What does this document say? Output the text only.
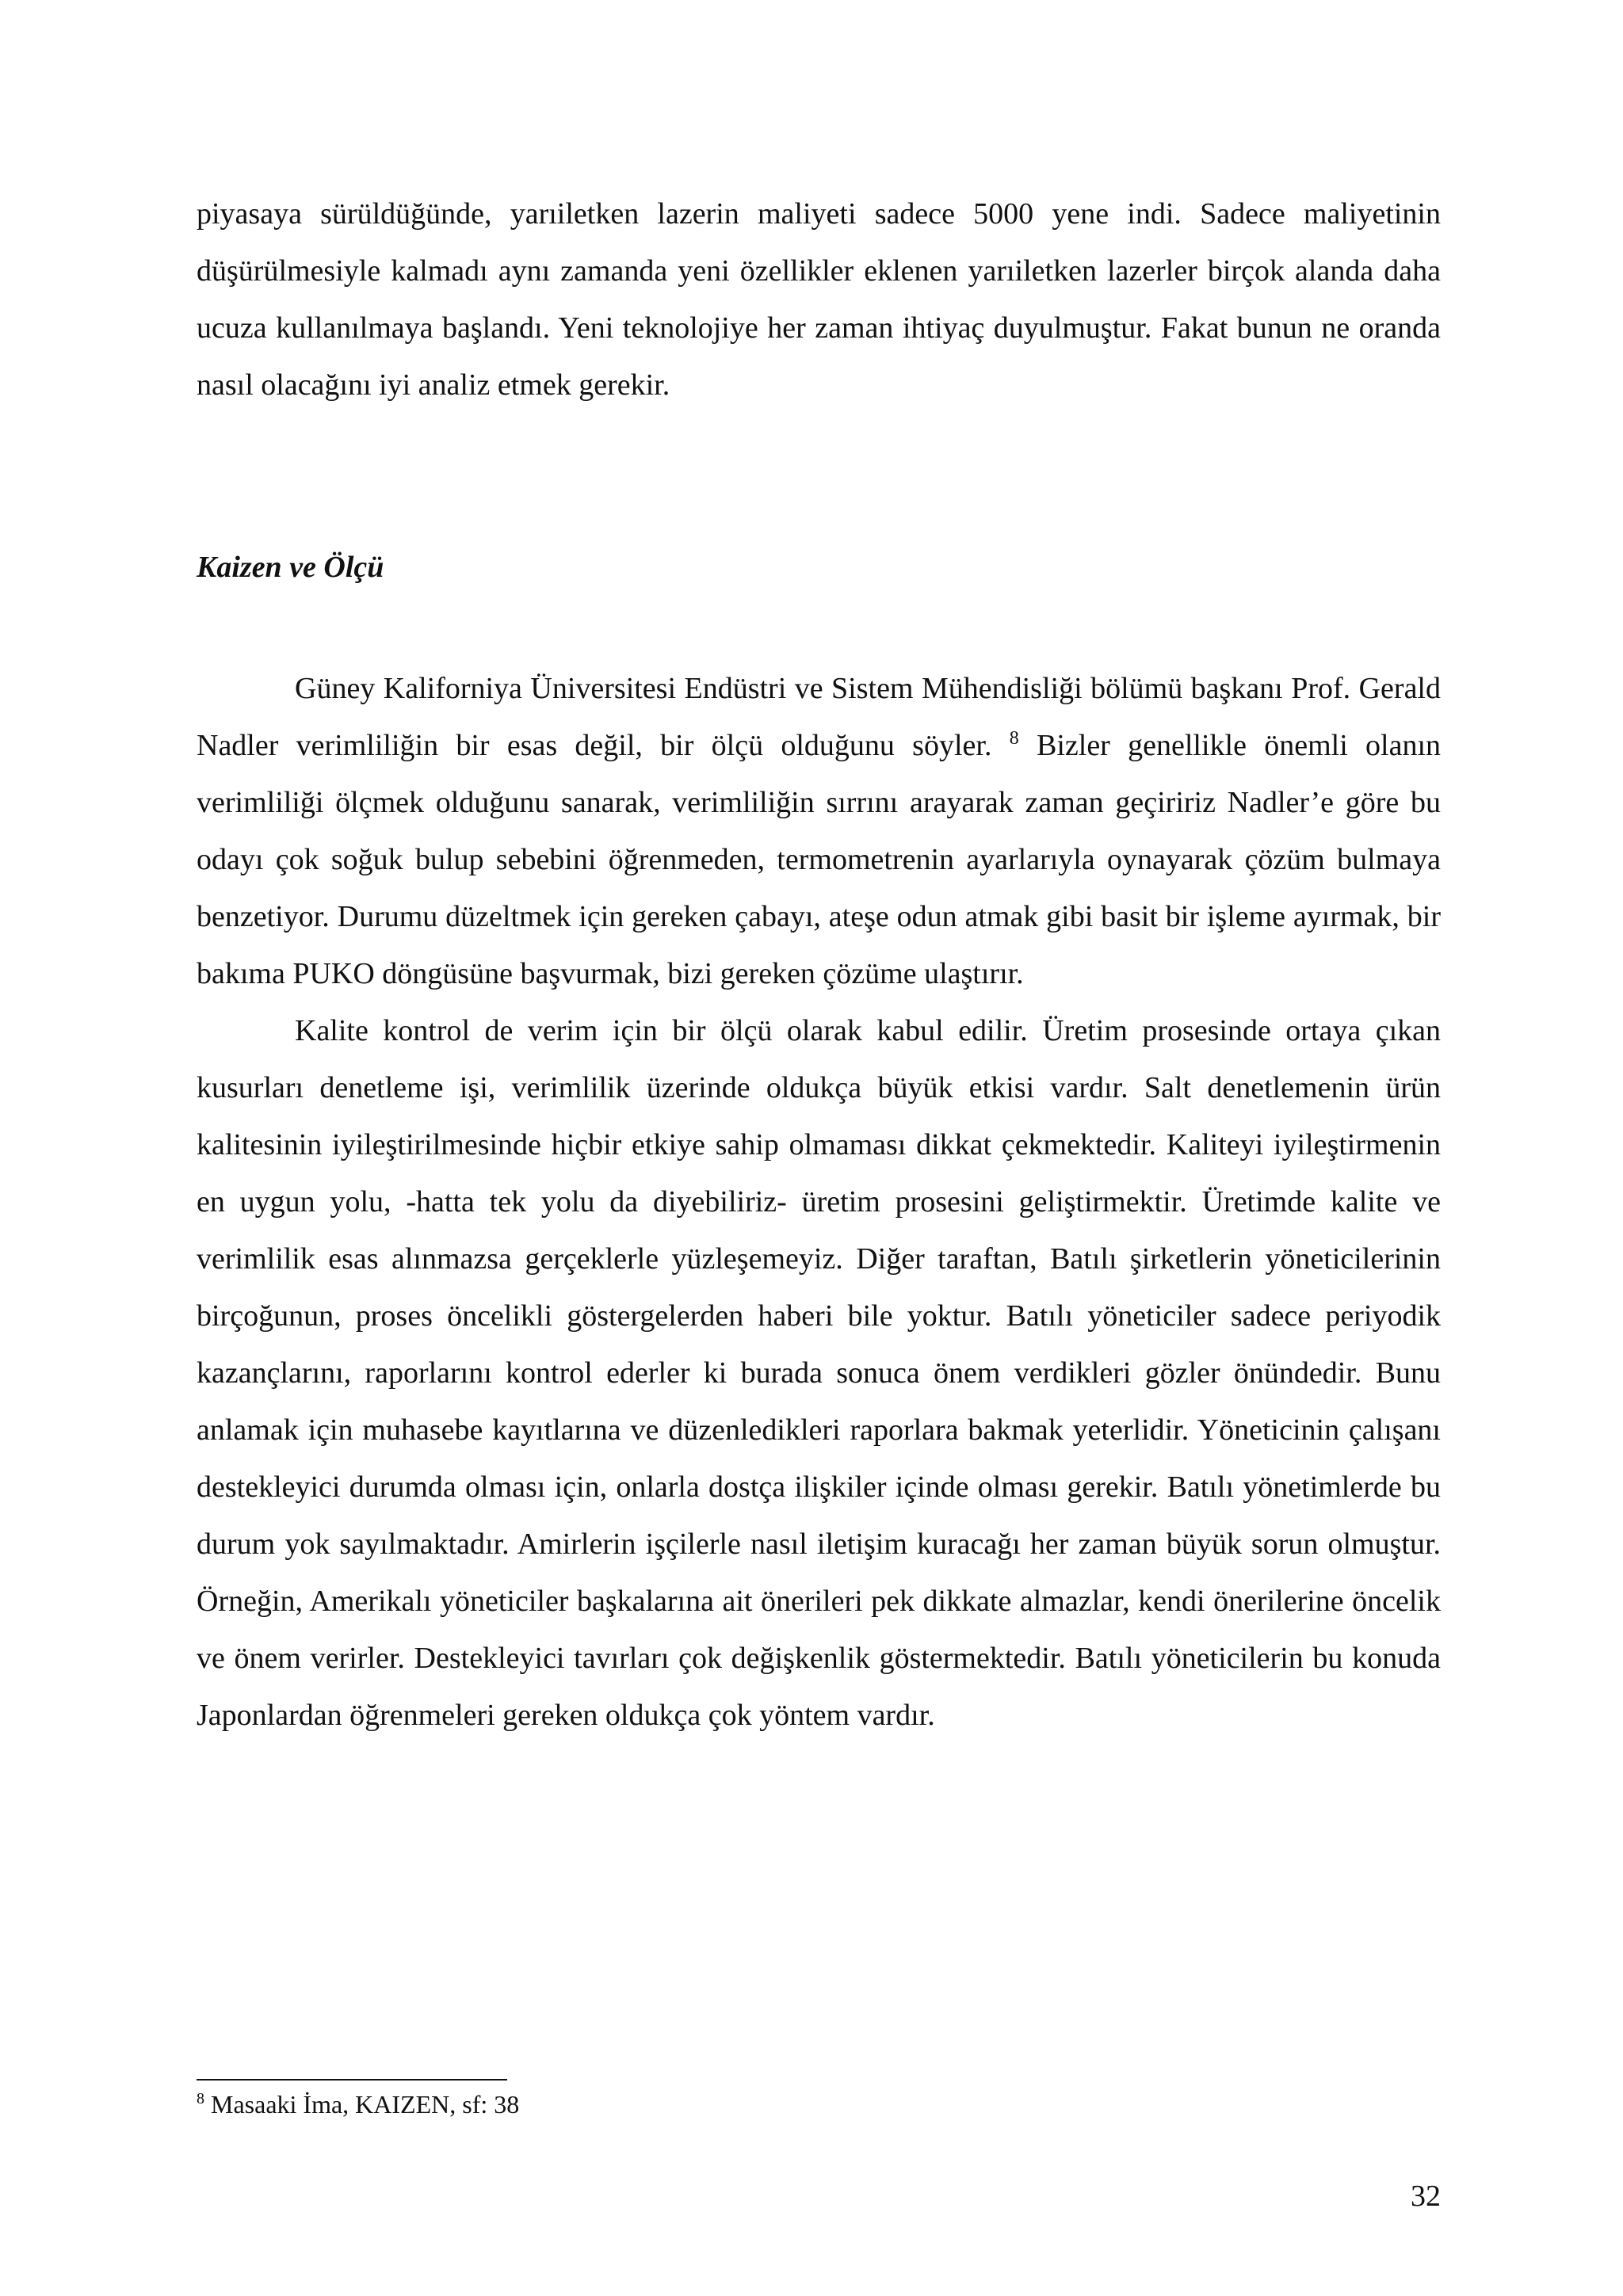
piyasaya sürüldüğünde, yarıiletken lazerin maliyeti sadece 5000 yene indi. Sadece maliyetinin düşürülmesiyle kalmadı aynı zamanda yeni özellikler eklenen yarıiletken lazerler birçok alanda daha ucuza kullanılmaya başlandı. Yeni teknolojiye her zaman ihtiyaç duyulmuştur. Fakat bunun ne oranda nasıl olacağını iyi analiz etmek gerekir.

Kaizen ve Ölçü

Güney Kaliforniya Üniversitesi Endüstri ve Sistem Mühendisliği bölümü başkanı Prof. Gerald Nadler verimliliğin bir esas değil, bir ölçü olduğunu söyler. $^8$ Bizler genellikle önemli olanın verimliliği ölçmek olduğunu sanarak, verimliliğin sırrını arayarak zaman geçiririz Nadler’e göre bu odayı çok soğuk bulup sebebini öğrenmeden, termometrenin ayarlarıyla oynayarak çözüm bulmaya benzetiyor. Durumu düzeltmek için gereken çabayı, ateşe odun atmak gibi basit bir işleme ayırmak, bir bakıma PUKO döngüsüne başvurmak, bizi gereken çözüme ulaştırır.

Kalite kontrol de verim için bir ölçü olarak kabul edilir. Üretim prosesinde ortaya çıkan kusurları denetleme işi, verimlilik üzerinde oldukça büyük etkisi vardır. Salt denetlemenin ürün kalitesinin iyileştirilmesinde hiçbir etkiye sahip olmaması dikkat çekmektedir. Kaliteyi iyileştirmenin en uygun yolu, -hatta tek yolu da diyebiliriz- üretim prosesini geliştirmektir. Üretimde kalite ve verimlilik esas alınmazsa gerçeklerle yüzleşemeyiz. Diğer taraftan, Batılı şirketlerin yöneticilerinin birçoğunun, proses öncelikli göstergelerden haberi bile yoktur. Batılı yöneticiler sadece periyodik kazançlarını, raporlarını kontrol ederler ki burada sonuca önem verdikleri gözler önündedir. Bunu anlamak için muhasebe kayıtlarına ve düzenledikleri raporlara bakmak yeterlidir. Yöneticinin çalışanı destekleyici durumda olması için, onlarla dostça ilişkiler içinde olması gerekir. Batılı yönetimlerde bu durum yok sayılmaktadır. Amirlerin işçilerle nasıl iletişim kuracağı her zaman büyük sorun olmuştur. Örneğin, Amerikalı yöneticiler başkalarına ait önerileri pek dikkate almazlar, kendi önerilerine öncelik ve önem verirler. Destekleyici tavırları çok değişkenlik göstermektedir. Batılı yöneticilerin bu konuda Japonlardan öğrenmeleri gereken oldukça çok yöntem vardır.

$^8$ Masaaki İma, KAIZEN, sf: 38

32
